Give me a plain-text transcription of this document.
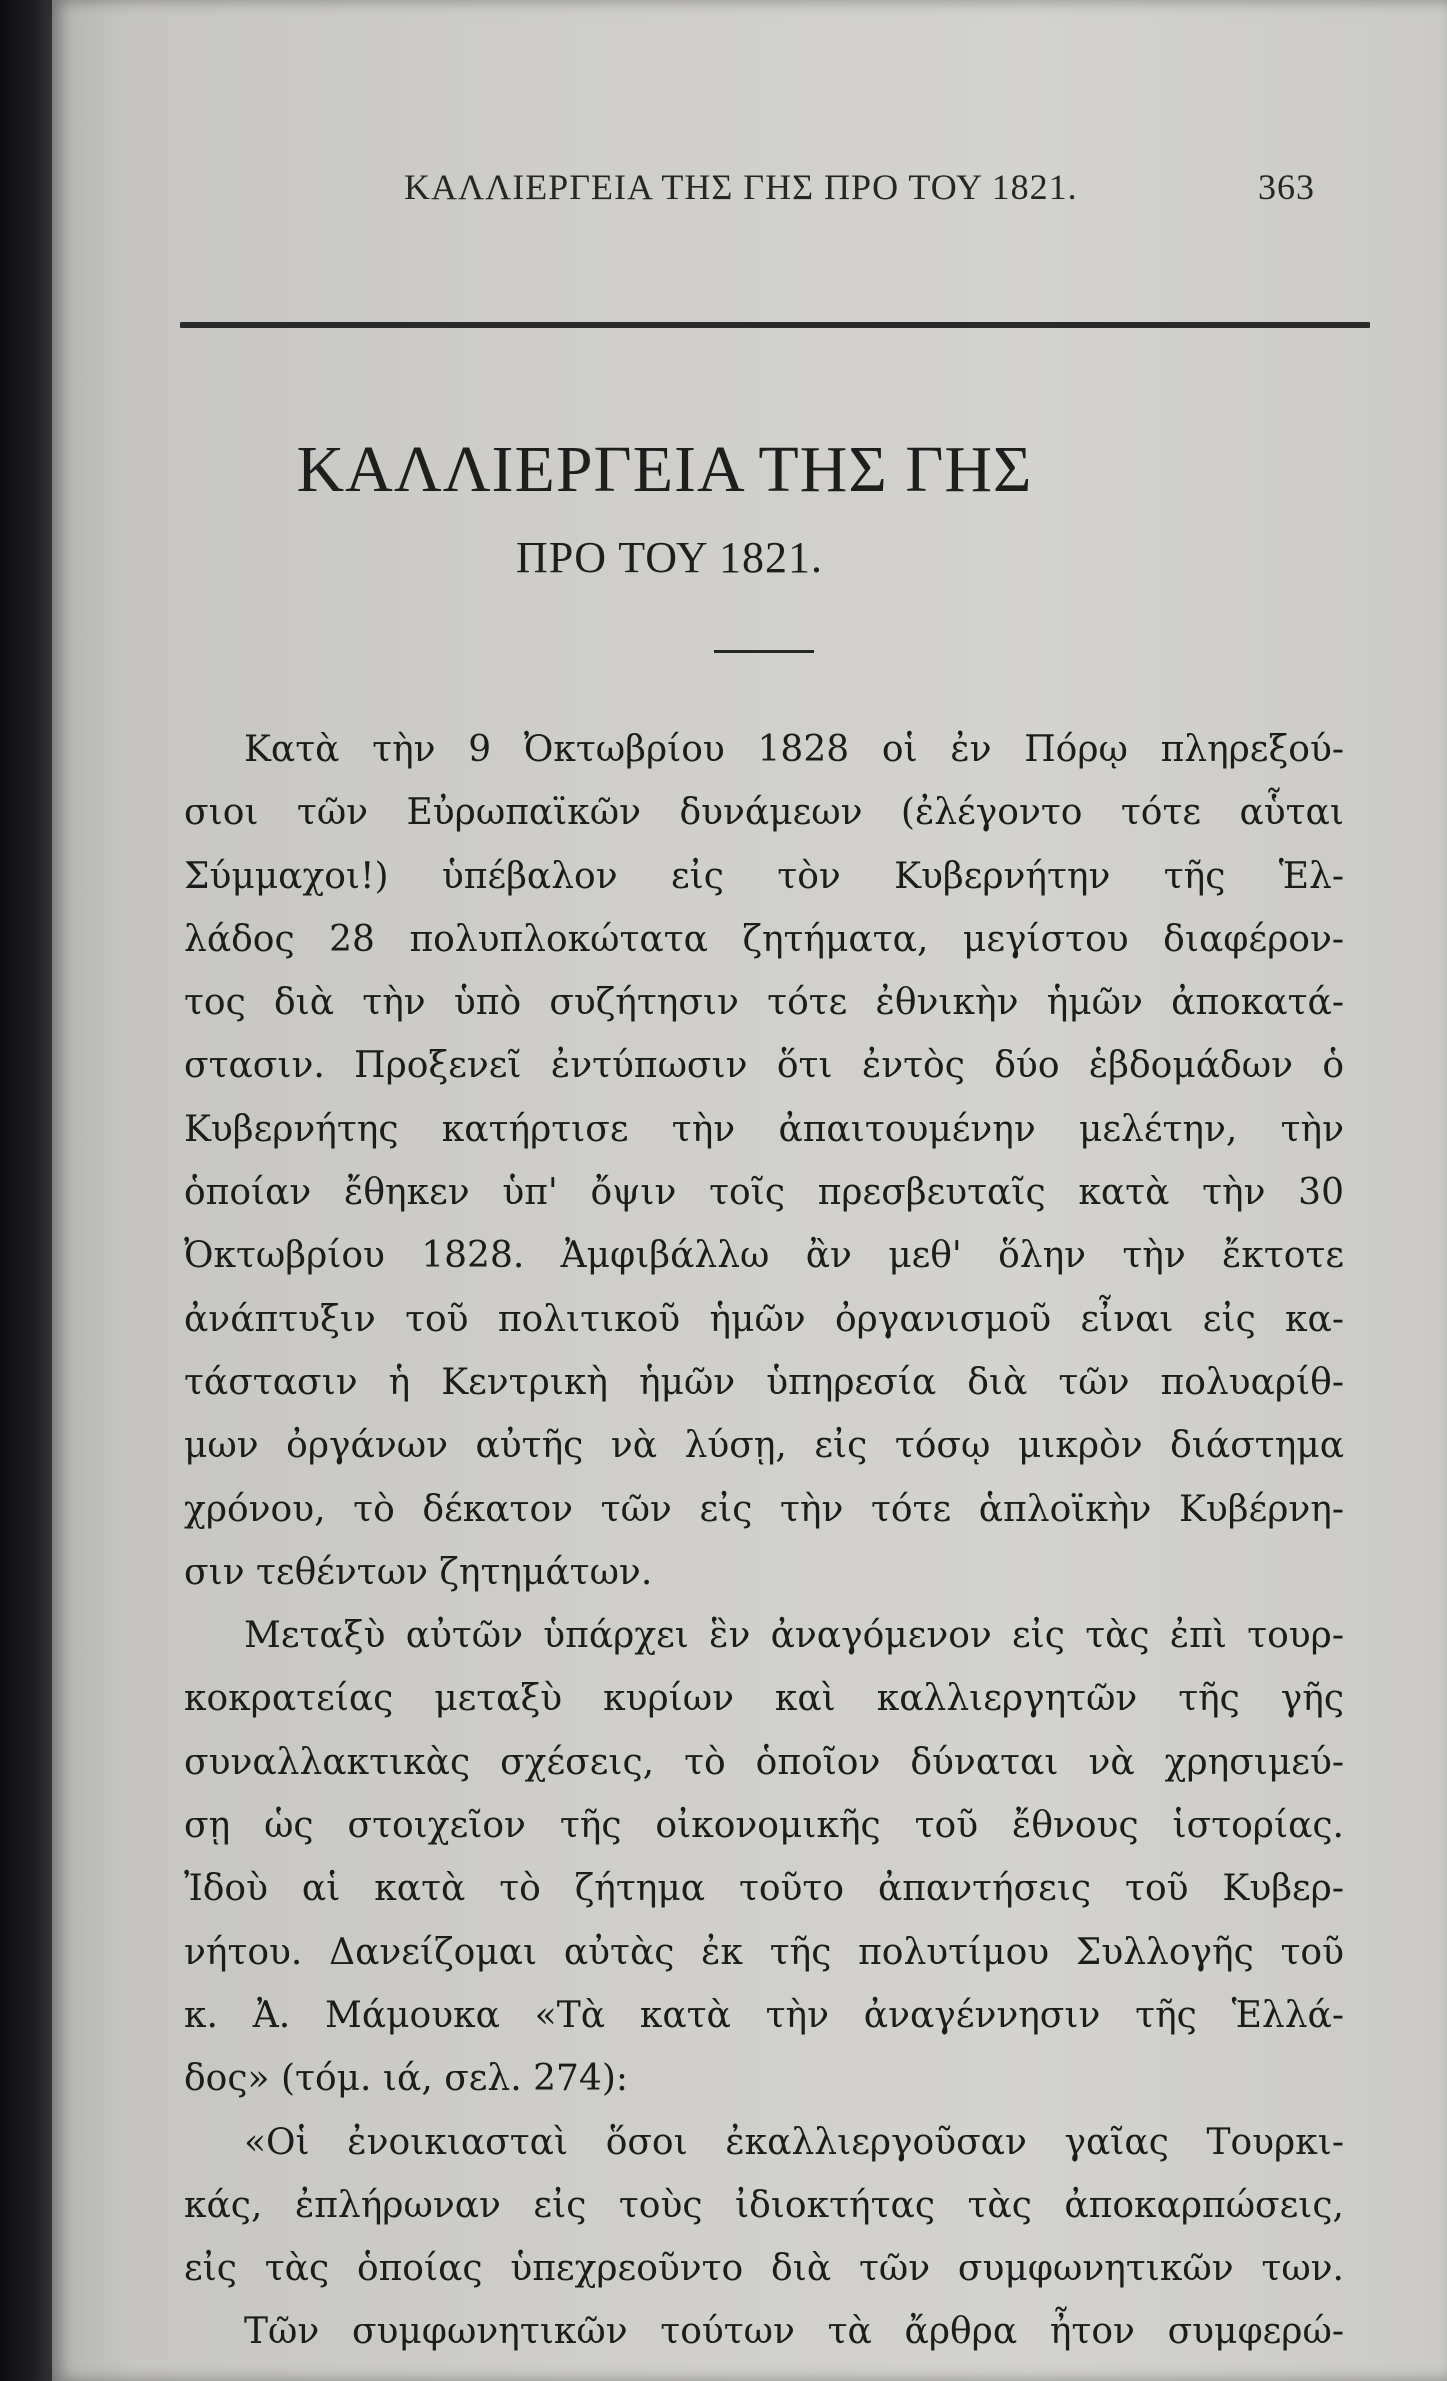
ΚΑΛΛΙΕΡΓΕΙΑ ΤΗΣ ΓΗΣ ΠΡΟ ΤΟΥ 1821.	363
ΚΑΛΛΙΕΡΓΕΙΑ ΤΗΣ ΓΗΣ
ΠΡΟ ΤΟΥ 1821.
Κατὰ τὴν 9 Ὀκτωβρίου 1828 οἱ ἐν Πόρῳ πληρεξού-
σιοι τῶν Εὐρωπαϊκῶν δυνάμεων (ἐλέγοντο τότε αὗται
Σύμμαχοι!) ὑπέβαλον εἰς τὸν Κυβερνήτην τῆς Ἑλ-
λάδος 28 πολυπλοκώτατα ζητήματα, μεγίστου διαφέρον-
τος διὰ τὴν ὑπὸ συζήτησιν τότε ἐθνικὴν ἡμῶν ἀποκατά-
στασιν. Προξενεῖ ἐντύπωσιν ὅτι ἐντὸς δύο ἑβδομάδων ὁ
Κυβερνήτης κατήρτισε τὴν ἀπαιτουμένην μελέτην, τὴν
ὁποίαν ἔθηκεν ὑπ' ὄψιν τοῖς πρεσβευταῖς κατὰ τὴν 30
Ὀκτωβρίου 1828. Ἀμφιβάλλω ἂν μεθ' ὅλην τὴν ἔκτοτε
ἀνάπτυξιν τοῦ πολιτικοῦ ἡμῶν ὀργανισμοῦ εἶναι εἰς κα-
τάστασιν ἡ Κεντρικὴ ἡμῶν ὑπηρεσία διὰ τῶν πολυαρίθ-
μων ὀργάνων αὐτῆς νὰ λύσῃ, εἰς τόσῳ μικρὸν διάστημα
χρόνου, τὸ δέκατον τῶν εἰς τὴν τότε ἁπλοϊκὴν Κυβέρνη-
σιν τεθέντων ζητημάτων.
Μεταξὺ αὐτῶν ὑπάρχει ἓν ἀναγόμενον εἰς τὰς ἐπὶ τουρ-
κοκρατείας μεταξὺ κυρίων καὶ καλλιεργητῶν τῆς γῆς
συναλλακτικὰς σχέσεις, τὸ ὁποῖον δύναται νὰ χρησιμεύ-
σῃ ὡς στοιχεῖον τῆς οἰκονομικῆς τοῦ ἔθνους ἱστορίας.
Ἰδοὺ αἱ κατὰ τὸ ζήτημα τοῦτο ἀπαντήσεις τοῦ Κυβερ-
νήτου. Δανείζομαι αὐτὰς ἐκ τῆς πολυτίμου Συλλογῆς τοῦ
κ. Ἀ. Μάμουκα «Τὰ κατὰ τὴν ἀναγέννησιν τῆς Ἑλλά-
δος» (τόμ. ιά, σελ. 274):
«Οἱ ἐνοικιασταὶ ὅσοι ἐκαλλιεργοῦσαν γαῖας Τουρκι-
κάς, ἐπλήρωναν εἰς τοὺς ἰδιοκτήτας τὰς ἀποκαρπώσεις,
εἰς τὰς ὁποίας ὑπεχρεοῦντο διὰ τῶν συμφωνητικῶν των.
Τῶν συμφωνητικῶν τούτων τὰ ἄρθρα ἦτον συμφερώ-
